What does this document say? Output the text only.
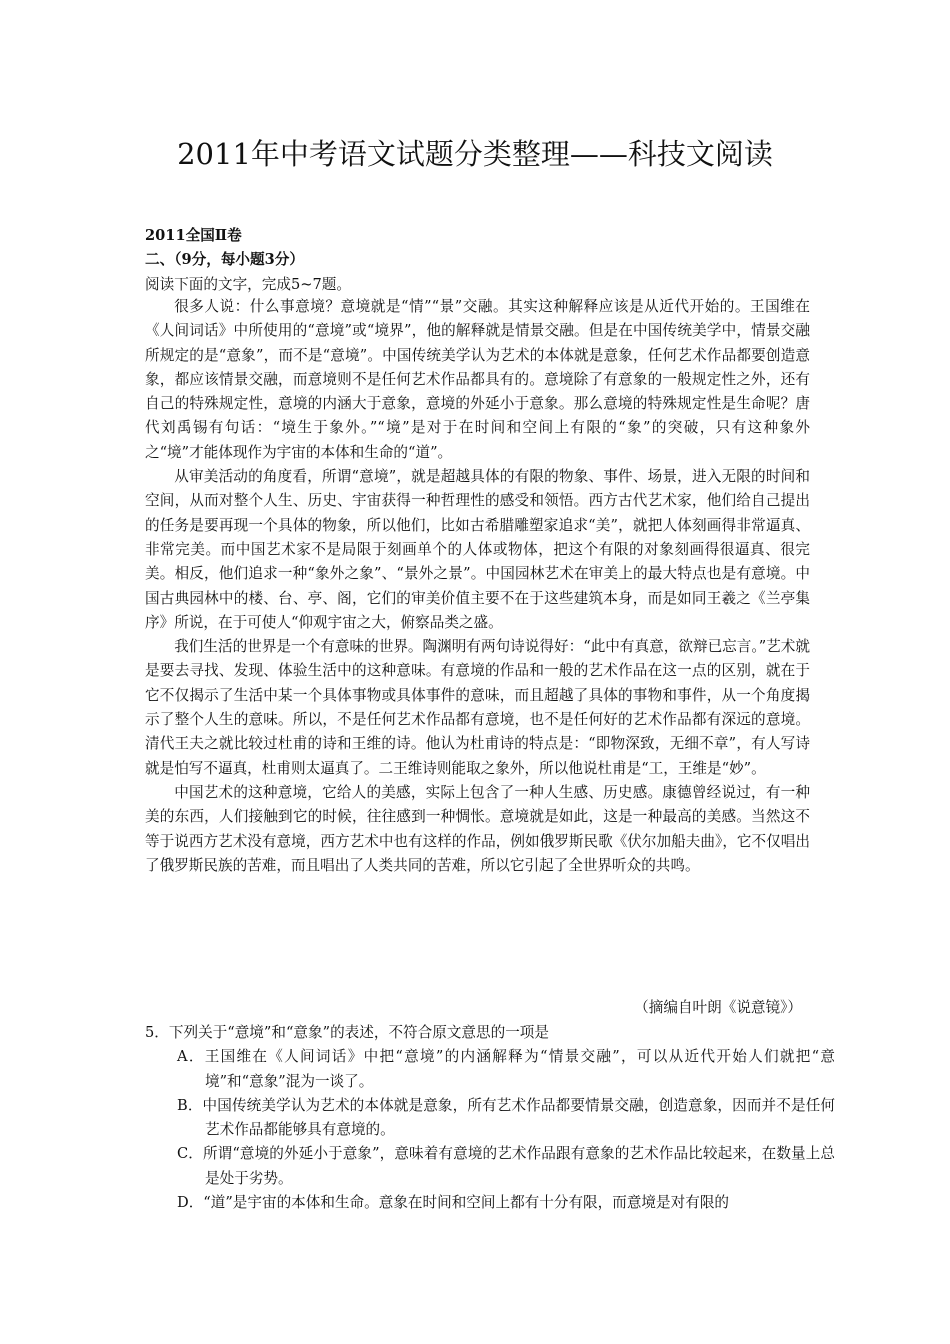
2011年中考语文试题分类整理——科技文阅读
2011全国Ⅱ卷
二、（9分，每小题3分）
阅读下面的文字，完成5~7题。

很多人说：什么事意境？意境就是“情”“景”交融。其实这种解释应该是从近代开始的。王国维在《人间词话》中所使用的“意境”或“境界”，他的解释就是情景交融。但是在中国传统美学中，情景交融所规定的是“意象”，而不是“意境”。中国传统美学认为艺术的本体就是意象，任何艺术作品都要创造意象，都应该情景交融，而意境则不是任何艺术作品都具有的。意境除了有意象的一般规定性之外，还有自己的特殊规定性，意境的内涵大于意象，意境的外延小于意象。那么意境的特殊规定性是生命呢？唐代刘禹锡有句话：“境生于象外。”“境”是对于在时间和空间上有限的“象”的突破，只有这种象外之“境”才能体现作为宇宙的本体和生命的“道”。

从审美活动的角度看，所谓“意境”，就是超越具体的有限的物象、事件、场景，进入无限的时间和空间，从而对整个人生、历史、宇宙获得一种哲理性的感受和领悟。西方古代艺术家，他们给自己提出的任务是要再现一个具体的物象，所以他们，比如古希腊雕塑家追求“美”，就把人体刻画得非常逼真、非常完美。而中国艺术家不是局限于刻画单个的人体或物体，把这个有限的对象刻画得很逼真、很完美。相反，他们追求一种“象外之象”、“景外之景”。中国园林艺术在审美上的最大特点也是有意境。中国古典园林中的楼、台、亭、阁，它们的审美价值主要不在于这些建筑本身，而是如同王羲之《兰亭集序》所说，在于可使人“仰观宇宙之大，俯察品类之盛。

我们生活的世界是一个有意味的世界。陶渊明有两句诗说得好：“此中有真意，欲辩已忘言。”艺术就是要去寻找、发现、体验生活中的这种意味。有意境的作品和一般的艺术作品在这一点的区别，就在于它不仅揭示了生活中某一个具体事物或具体事件的意味，而且超越了具体的事物和事件，从一个角度揭示了整个人生的意味。所以，不是任何艺术作品都有意境，也不是任何好的艺术作品都有深远的意境。清代王夫之就比较过杜甫的诗和王维的诗。他认为杜甫诗的特点是：“即物深致，无细不章”，有人写诗就是怕写不逼真，杜甫则太逼真了。二王维诗则能取之象外，所以他说杜甫是“工，王维是“妙”。

中国艺术的这种意境，它给人的美感，实际上包含了一种人生感、历史感。康德曾经说过，有一种美的东西，人们接触到它的时候，往往感到一种惆怅。意境就是如此，这是一种最高的美感。当然这不等于说西方艺术没有意境，西方艺术中也有这样的作品，例如俄罗斯民歌《伏尔加船夫曲》，它不仅唱出了俄罗斯民族的苦难，而且唱出了人类共同的苦难，所以它引起了全世界听众的共鸣。

（摘编自叶朗《说意镜》）
5．下列关于“意境”和“意象”的表述，不符合原文意思的一项是
A．王国维在《人间词话》中把“意境”的内涵解释为“情景交融”，可以从近代开始人们就把“意境”和“意象”混为一谈了。
B．中国传统美学认为艺术的本体就是意象，所有艺术作品都要情景交融，创造意象，因而并不是任何艺术作品都能够具有意境的。
C．所谓“意境的外延小于意象”，意味着有意境的艺术作品跟有意象的艺术作品比较起来，在数量上总是处于劣势。
D．“道”是宇宙的本体和生命。意象在时间和空间上都有十分有限，而意境是对有限的
